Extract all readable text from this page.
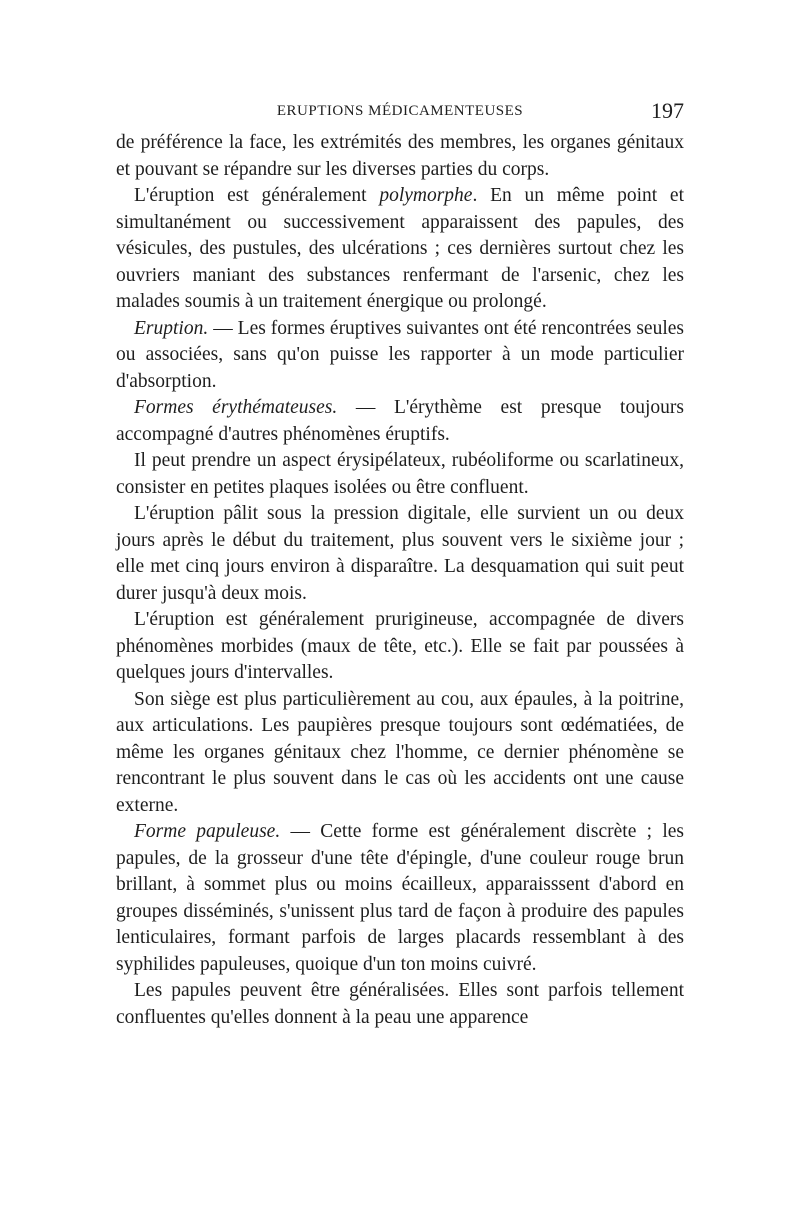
ERUPTIONS MÉDICAMENTEUSES	197

de préférence la face, les extrémités des membres, les organes génitaux et pouvant se répandre sur les diverses parties du corps.

L'éruption est généralement polymorphe. En un même point et simultanément ou successivement apparaissent des papules, des vésicules, des pustules, des ulcérations ; ces dernières surtout chez les ouvriers maniant des substances renfermant de l'arsenic, chez les malades soumis à un traitement énergique ou prolongé.

Eruption. — Les formes éruptives suivantes ont été rencontrées seules ou associées, sans qu'on puisse les rapporter à un mode particulier d'absorption.

Formes érythémateuses. — L'érythème est presque toujours accompagné d'autres phénomènes éruptifs.

Il peut prendre un aspect érysipélateux, rubéoliforme ou scarlatineux, consister en petites plaques isolées ou être confluent.

L'éruption pâlit sous la pression digitale, elle survient un ou deux jours après le début du traitement, plus souvent vers le sixième jour ; elle met cinq jours environ à disparaître. La desquamation qui suit peut durer jusqu'à deux mois.

L'éruption est généralement prurigineuse, accompagnée de divers phénomènes morbides (maux de tête, etc.). Elle se fait par poussées à quelques jours d'intervalles.

Son siège est plus particulièrement au cou, aux épaules, à la poitrine, aux articulations. Les paupières presque toujours sont œdématiées, de même les organes génitaux chez l'homme, ce dernier phénomène se rencontrant le plus souvent dans le cas où les accidents ont une cause externe.

Forme papuleuse. — Cette forme est généralement discrète ; les papules, de la grosseur d'une tête d'épingle, d'une couleur rouge brun brillant, à sommet plus ou moins écailleux, apparaisssent d'abord en groupes disséminés, s'unissent plus tard de façon à produire des papules lenticulaires, formant parfois de larges placards ressemblant à des syphilides papuleuses, quoique d'un ton moins cuivré.

Les papules peuvent être généralisées. Elles sont parfois tellement confluentes qu'elles donnent à la peau une apparence
